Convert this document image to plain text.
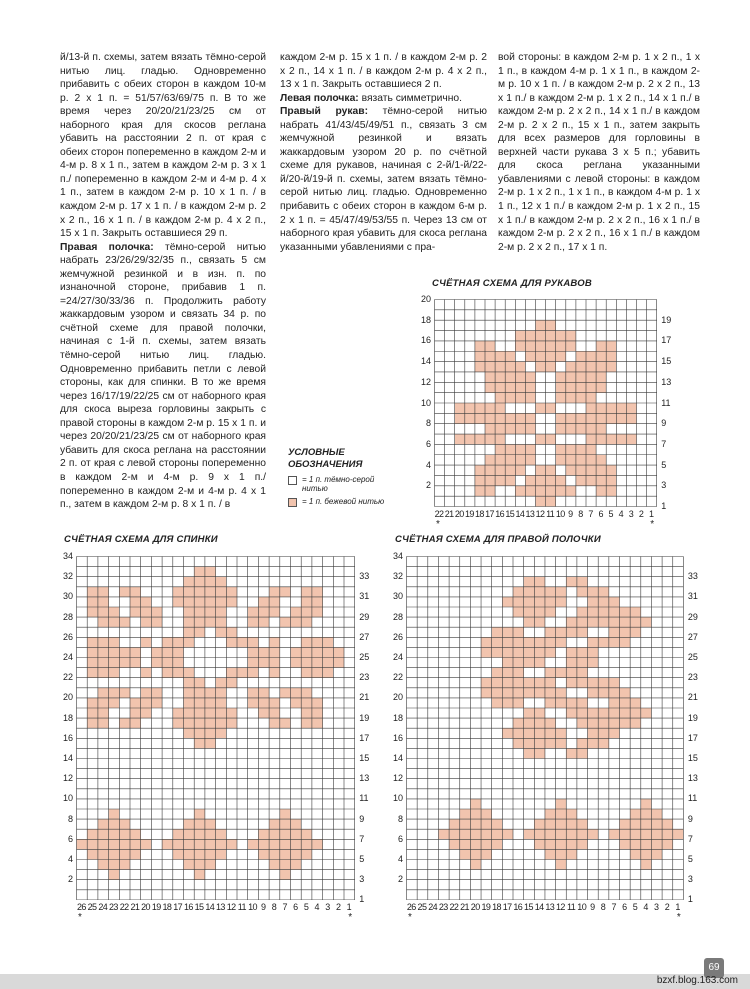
й/13-й п. схемы, затем вязать тёмно-серой нитью лиц. гладью. Одновременно прибавить с обеих сторон в каждом 10-м р. 2 х 1 п. = 51/57/63/69/75 п. В то же время через 20/20/21/23/25 см от наборного края для скосов реглана убавить на расстоянии 2 п. от края с обеих сторон попеременно в каждом 2-м и 4-м р. 8 х 1 п., затем в каждом 2-м р. 3 х 1 п./ попеременно в каждом 2-м и 4-м р. 4 х 1 п., затем в каждом 2-м р. 10 х 1 п. / в каждом 2-м р. 17 х 1 п. / в каждом 2-м р. 2 х 2 п., 16 х 1 п. / в каждом 2-м р. 4 х 2 п., 15 х 1 п. Закрыть оставшиеся 29 п.

Правая полочка: тёмно-серой нитью набрать 23/26/29/32/35 п., связать 5 см жемчужной резинкой и в изн. п. по изнаночной стороне, прибавив 1 п. =24/27/30/33/36 п. Продолжить работу жаккардовым узором и связать 34 р. по счётной схеме для правой полочки, начиная с 1-й п. схемы, затем вязать тёмно-серой нитью лиц. гладью. Одновременно прибавить петли с левой стороны, как для спинки. В то же время через 16/17/19/22/25 см от наборного края для скоса выреза горловины закрыть с правой стороны в каждом 2-м р. 15 х 1 п. и через 20/20/21/23/25 см от наборного края убавить для скоса реглана на расстоянии 2 п. от края с левой стороны попеременно в каждом 2-м и 4-м р. 9 х 1 п./ попеременно в каждом 2-м и 4-м р. 4 х 1 п., затем в каждом 2-м р. 8 х 1 п. / в

каждом 2-м р. 15 х 1 п. / в каждом 2-м р. 2 х 2 п., 14 х 1 п. / в каждом 2-м р. 4 х 2 п., 13 х 1 п. Закрыть оставшиеся 2 п.

Левая полочка: вязать симметрично.

Правый рукав: тёмно-серой нитью набрать 41/43/45/49/51 п., связать 3 см жемчужной резинкой и вязать жаккардовым узором 20 р. по счётной схеме для рукавов, начиная с 2-й/1-й/22-й/20-й/19-й п. схемы, затем вязать тёмно-серой нитью лиц. гладью. Одновременно прибавить с обеих сторон в каждом 6-м р. 2 х 1 п. = 45/47/49/53/55 п. Через 13 см от наборного края убавить для скоса реглана указанными убавлениями с пра-

вой стороны: в каждом 2-м р. 1 х 2 п., 1 х 1 п., в каждом 4-м р. 1 х 1 п., в каждом 2-м р. 10 х 1 п. / в каждом 2-м р. 2 х 2 п., 13 х 1 п./ в каждом 2-м р. 1 х 2 п., 14 х 1 п./ в каждом 2-м р. 2 х 2 п., 14 х 1 п./ в каждом 2-м р. 2 х 2 п., 15 х 1 п., затем закрыть для всех размеров для горловины в верхней части рукава 3 х 5 п.; убавить для скоса реглана указанными убавлениями с левой стороны: в каждом 2-м р. 1 х 2 п., 1 х 1 п., в каждом 4-м р. 1 х 1 п., 12 х 1 п./ в каждом 2-м р. 1 х 2 п., 15 х 1 п./ в каждом 2-м р. 2 х 2 п., 16 х 1 п./ в каждом 2-м р. 2 х 2 п., 16 х 1 п./ в каждом 2-м р. 2 х 2 п., 17 х 1 п.

СЧЁТНАЯ СХЕМА ДЛЯ РУКАВОВ
1
2	3
4	5
6	7
8	9
10	11
12	13
14	15
16	17
18	19
20
22 21 20 19 18 17 16 15 14 13 12 11 10 9 8 7 6 5 4 3 2 1
*	*
УСЛОВНЫЕ ОБОЗНАЧЕНИЯ
= 1 п. тёмно-серой нитью
= 1 п. бежевой нитью
СЧЁТНАЯ СХЕМА ДЛЯ СПИНКИ
1
2	3
4	5
6	7
8	9
10	11
12	13
14	15
16	17
18	19
20	21
22	23
24	25
26	27
28	29
30	31
32	33
34
26 25 24 23 22 21 20 19 18 17 16 15 14 13 12 11 10 9 8 7 6 5 4 3 2 1
*	*
СЧЁТНАЯ СХЕМА ДЛЯ ПРАВОЙ ПОЛОЧКИ
1
2	3
4	5
6	7
8	9
10	11
12	13
14	15
16	17
18	19
20	21
22	23
24	25
26	27
28	29
30	31
32	33
34
26 25 24 23 22 21 20 19 18 17 16 15 14 13 12 11 10 9 8 7 6 5 4 3 2 1
*	*
69
bzxf.blog.163.com
